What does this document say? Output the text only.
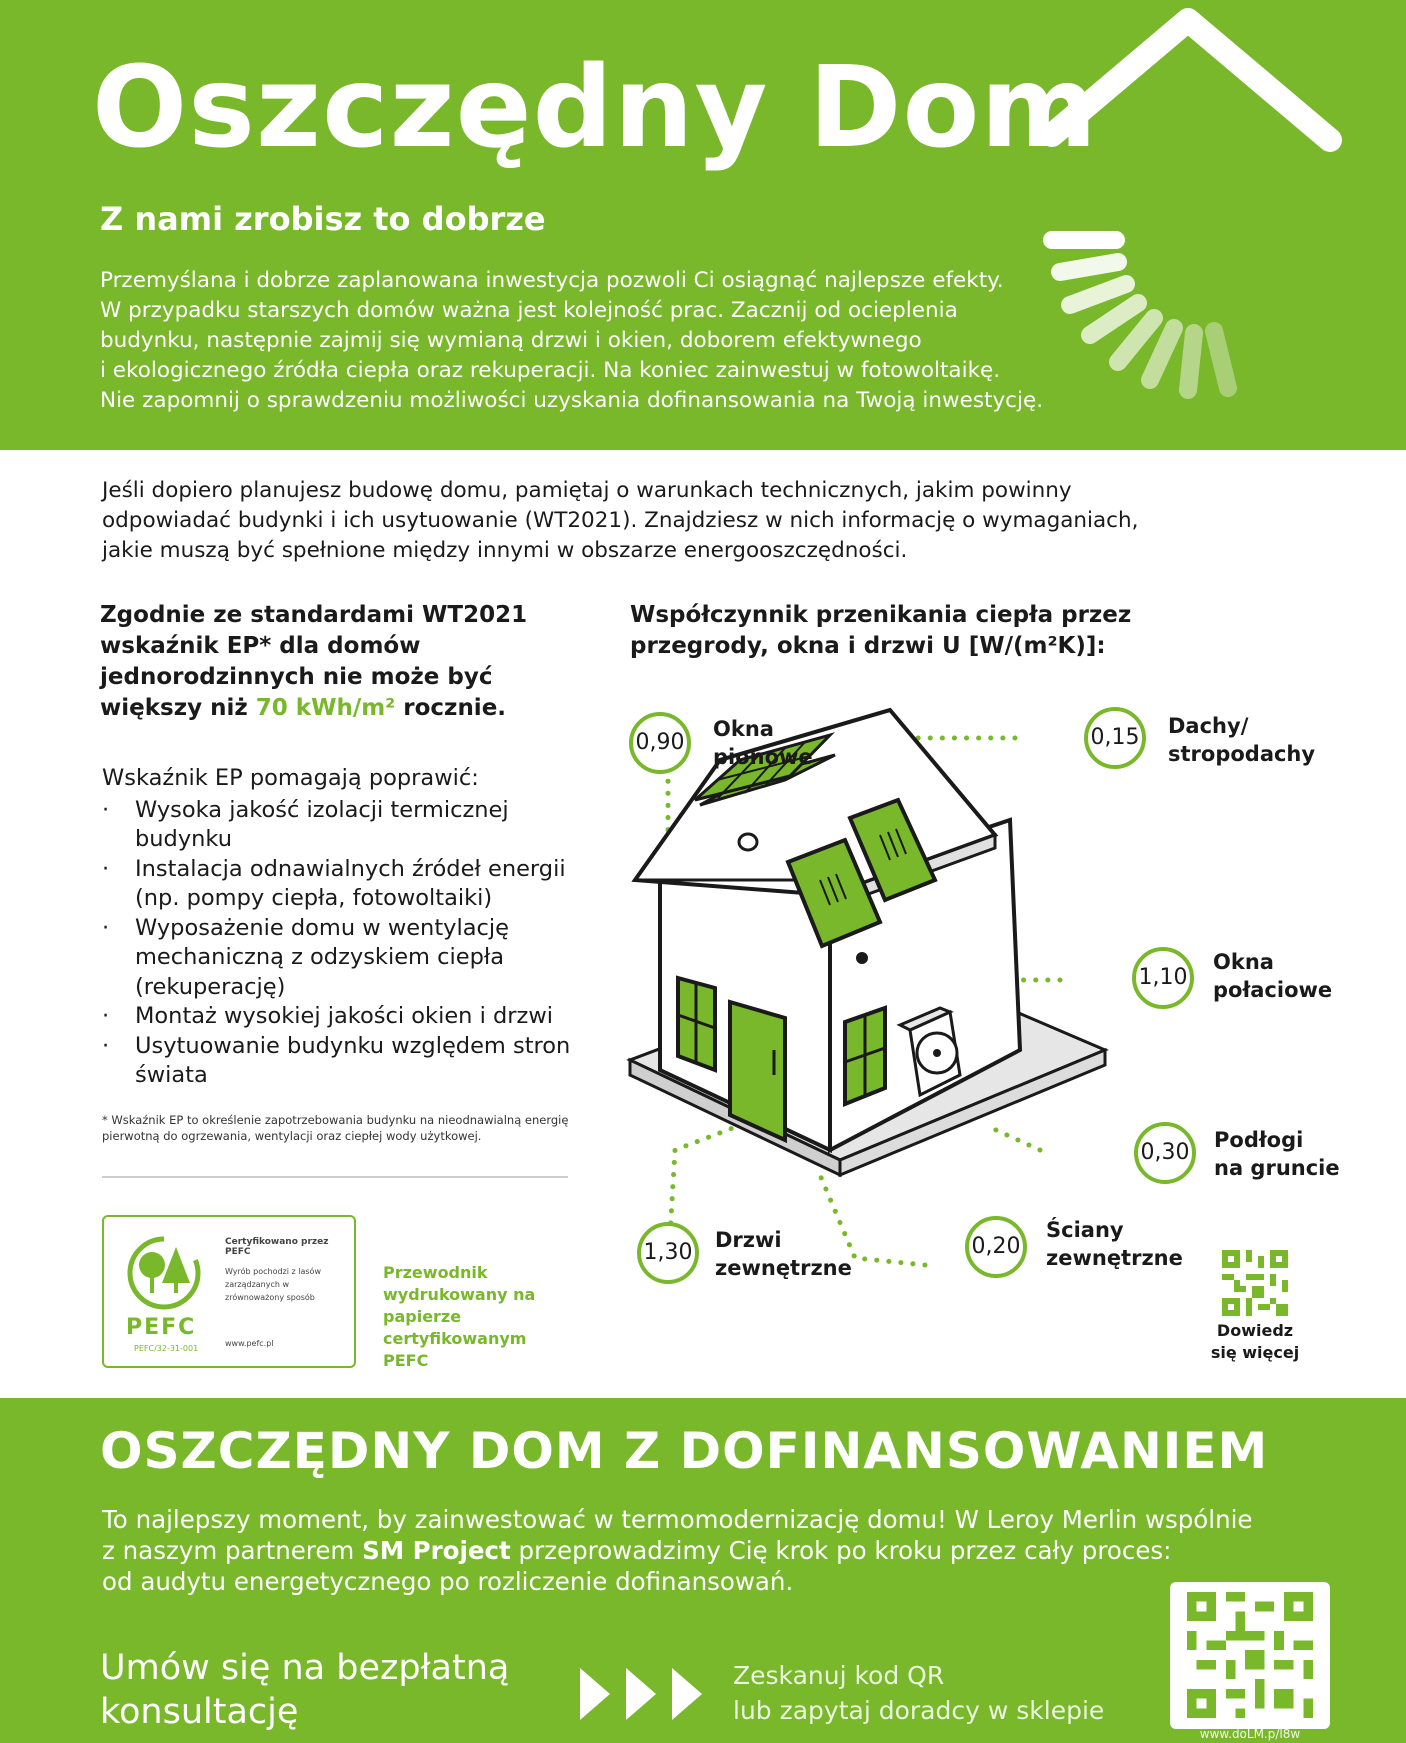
Oszczędny Dom
Z nami zrobisz to dobrze
Przemyślana i dobrze zaplanowana inwestycja pozwoli Ci osiągnąć najlepsze efekty.
W przypadku starszych domów ważna jest kolejność prac. Zacznij od ocieplenia
budynku, następnie zajmij się wymianą drzwi i okien, doborem efektywnego
i ekologicznego źródła ciepła oraz rekuperacji. Na koniec zainwestuj w fotowoltaikę.
Nie zapomnij o sprawdzeniu możliwości uzyskania dofinansowania na Twoją inwestycję.
Jeśli dopiero planujesz budowę domu, pamiętaj o warunkach technicznych, jakim powinny
odpowiadać budynki i ich usytuowanie (WT2021). Znajdziesz w nich informację o wymaganiach,
jakie muszą być spełnione między innymi w obszarze energooszczędności.
Zgodnie ze standardami WT2021
wskaźnik EP* dla domów
jednorodzinnych nie może być
większy niż 70 kWh/m² rocznie.
Wskaźnik EP pomagają poprawić:
· Wysoka jakość izolacji termicznej budynku
· Instalacja odnawialnych źródeł energii (np. pompy ciepła, fotowoltaiki)
· Wyposażenie domu w wentylację mechaniczną z odzyskiem ciepła (rekuperację)
· Montaż wysokiej jakości okien i drzwi
· Usytuowanie budynku względem stron świata
* Wskaźnik EP to określenie zapotrzebowania budynku na nieodnawialną energię pierwotną do ogrzewania, wentylacji oraz ciepłej wody użytkowej.
PEFC
PEFC/32-31-001
Certyfikowano przez PEFC
Wyrób pochodzi z lasów zarządzanych w zrównoważony sposób
www.pefc.pl
Przewodnik wydrukowany na papierze certyfikowanym PEFC
Współczynnik przenikania ciepła przez
przegrody, okna i drzwi U [W/(m²K)]:
0,90
Okna
pionowe
0,15	Dachy/
stropodachy
1,10
Okna
połaciowe
0,30	Podłogi
na gruncie
1,30	Drzwi
zewnętrzne
0,20
Ściany
zewnętrzne
Dowiedz
się więcej
OSZCZĘDNY DOM Z DOFINANSOWANIEM
To najlepszy moment, by zainwestować w termomodernizację domu! W Leroy Merlin wspólnie
z naszym partnerem SM Project przeprowadzimy Cię krok po kroku przez cały proces:
od audytu energetycznego po rozliczenie dofinansowań.
Umów się na bezpłatną
konsultację
Zeskanuj kod QR
lub zapytaj doradcy w sklepie
www.doLM.p/l8w
